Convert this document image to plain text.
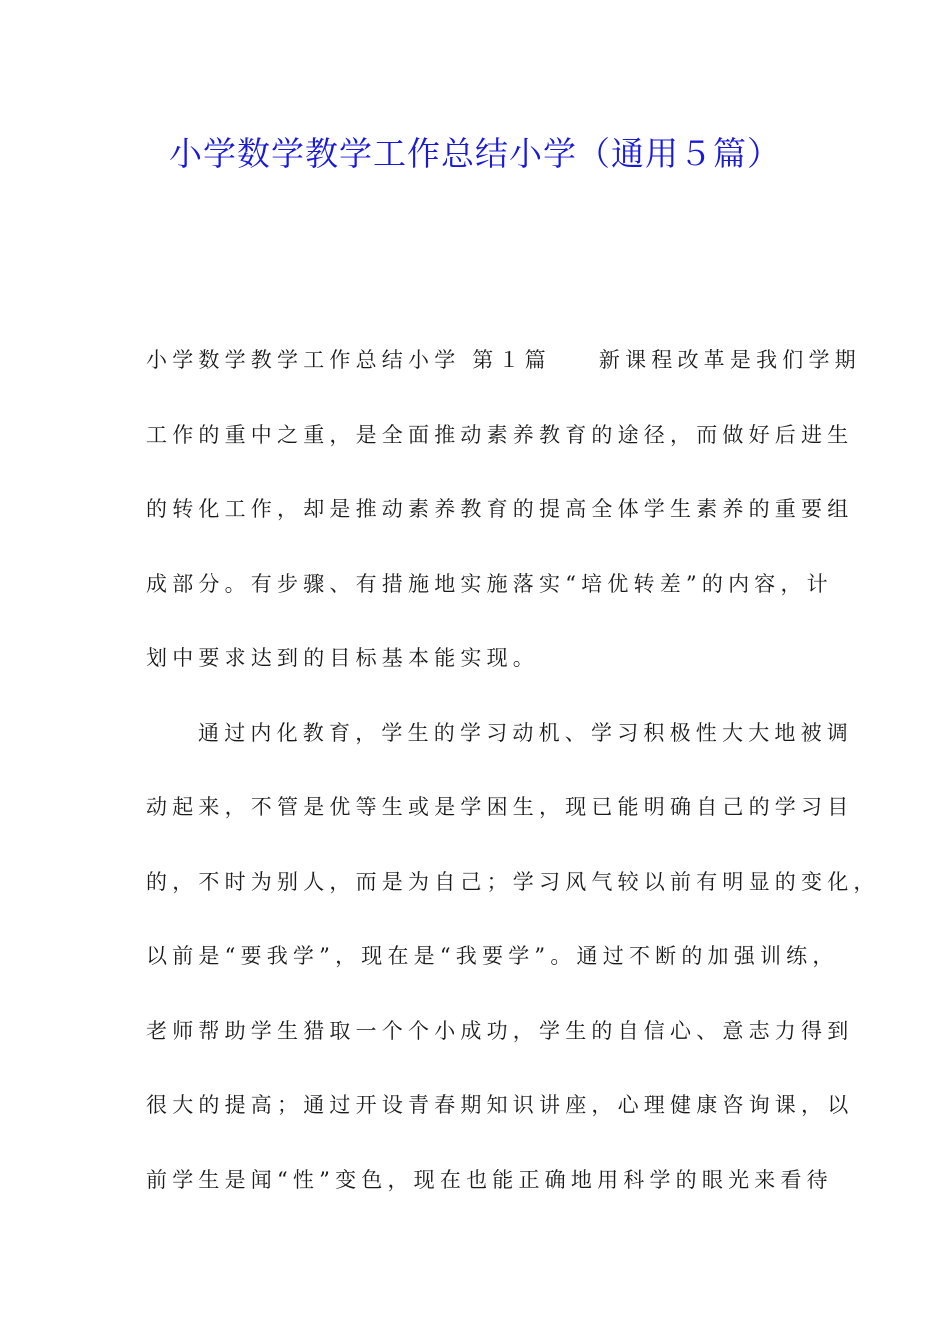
小学数学教学工作总结小学（通用５篇）
小学数学教学工作总结小学 第１篇 新课程改革是我们学期
工作的重中之重，是全面推动素养教育的途径，而做好后进生
的转化工作，却是推动素养教育的提高全体学生素养的重要组
成部分。有步骤、有措施地实施落实“培优转差”的内容，计
划中要求达到的目标基本能实现。
通过内化教育，学生的学习动机、学习积极性大大地被调
动起来，不管是优等生或是学困生，现已能明确自己的学习目
的，不时为别人，而是为自己；学习风气较以前有明显的变化，
以前是“要我学”，现在是“我要学”。通过不断的加强训练，
老师帮助学生猎取一个个小成功，学生的自信心、意志力得到
很大的提高；通过开设青春期知识讲座，心理健康咨询课，以
前学生是闻“性”变色，现在也能正确地用科学的眼光来看待
